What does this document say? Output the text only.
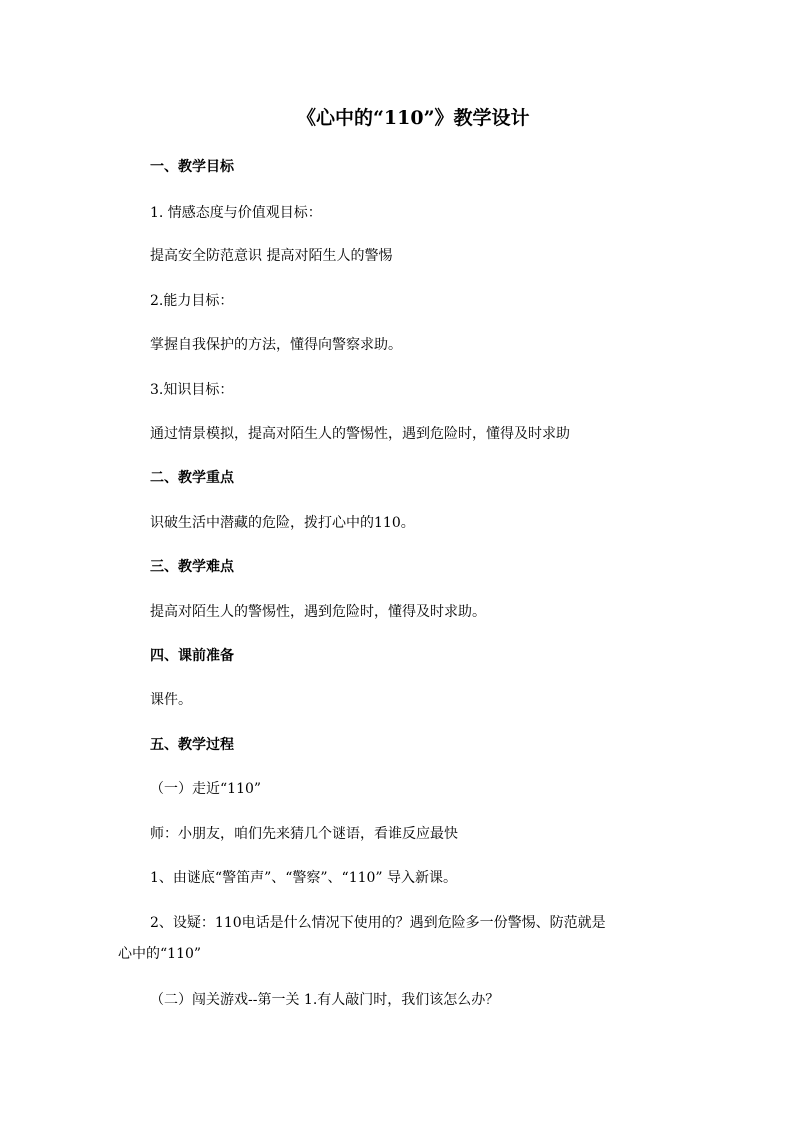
《心中的“110”》教学设计

一、教学目标

1. 情感态度与价值观目标：

提高安全防范意识 提高对陌生人的警惕

2.能力目标：

掌握自我保护的方法，懂得向警察求助。

3.知识目标：

通过情景模拟，提高对陌生人的警惕性，遇到危险时，懂得及时求助

二、教学重点

识破生活中潜藏的危险，拨打心中的110。

三、教学难点

提高对陌生人的警惕性，遇到危险时，懂得及时求助。

四、课前准备

课件。

五、教学过程

（一）走近“110”

师：小朋友，咱们先来猜几个谜语，看谁反应最快

1、由谜底“警笛声”、“警察”、“110” 导入新课。

2、设疑：110电话是什么情况下使用的？遇到危险多一份警惕、防范就是

心中的“110”

（二）闯关游戏--第一关 1.有人敲门时，我们该怎么办？
